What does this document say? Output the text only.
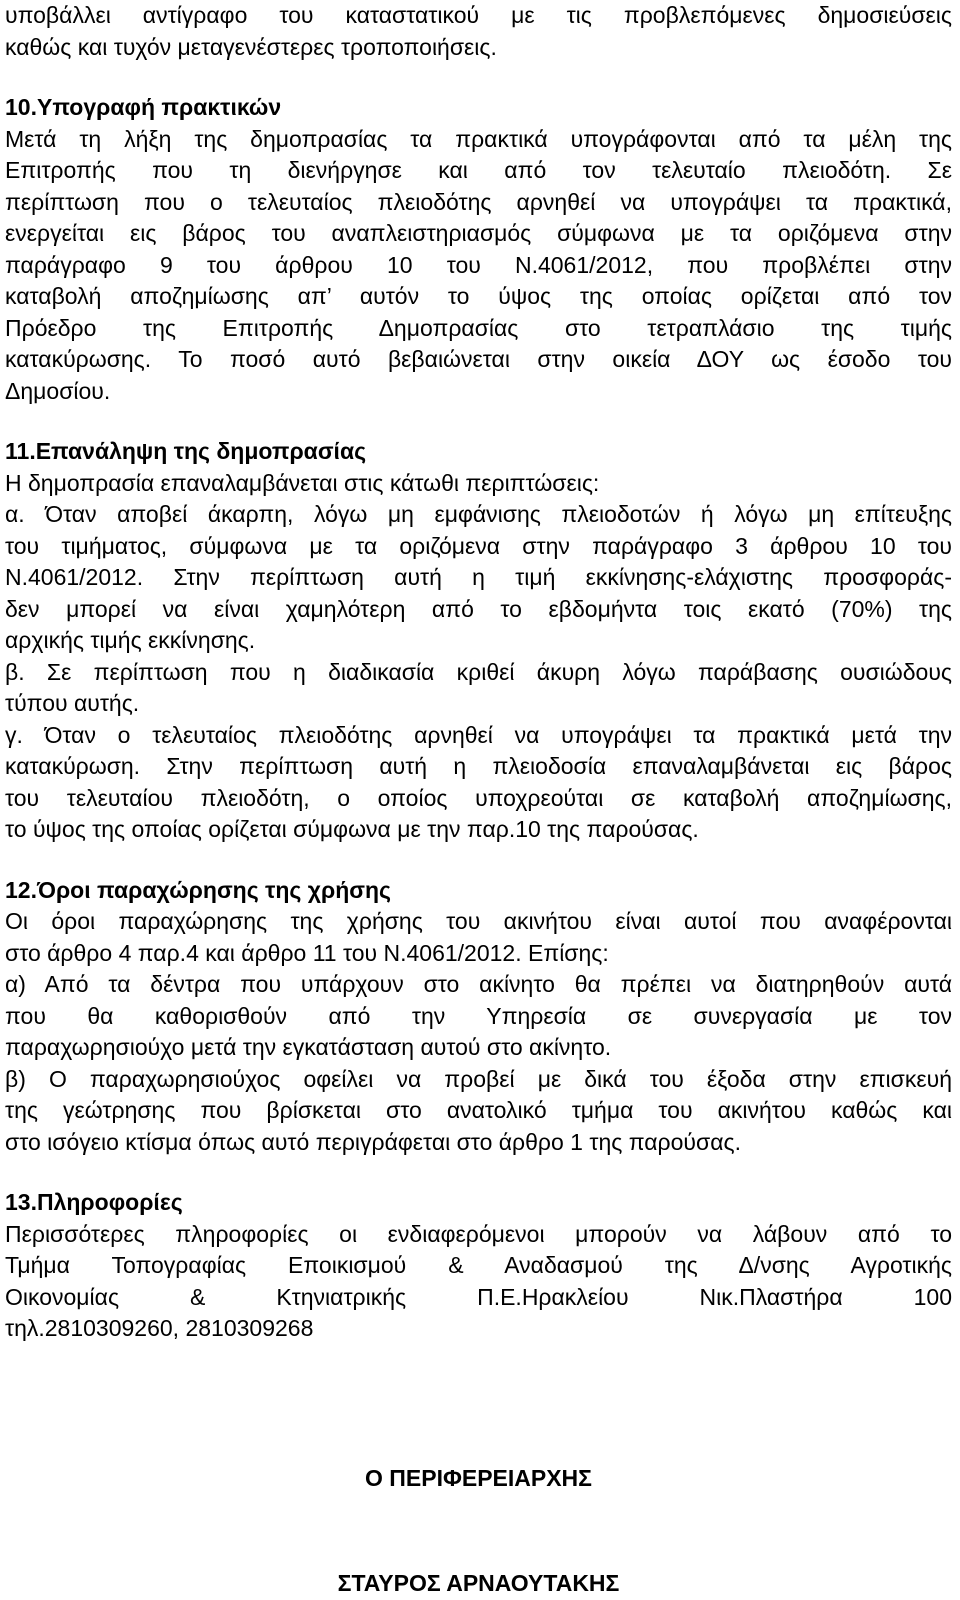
υποβάλλει αντίγραφο του καταστατικού με τις προβλεπόμενες δημοσιεύσεις
καθώς και τυχόν μεταγενέστερες τροποποιήσεις.
10.Υπογραφή πρακτικών
Μετά τη λήξη της δημοπρασίας τα πρακτικά υπογράφονται από τα μέλη της
Επιτροπής που τη διενήργησε και από τον τελευταίο πλειοδότη. Σε
περίπτωση που ο τελευταίος πλειοδότης αρνηθεί να υπογράψει τα πρακτικά,
ενεργείται εις βάρος του αναπλειστηριασμός σύμφωνα με τα οριζόμενα στην
παράγραφο 9 του άρθρου 10 του Ν.4061/2012, που προβλέπει στην
καταβολή αποζημίωσης απ’ αυτόν το ύψος της οποίας ορίζεται από τον
Πρόεδρο της Επιτροπής Δημοπρασίας στο τετραπλάσιο της τιμής
κατακύρωσης. Το ποσό αυτό βεβαιώνεται στην οικεία ΔΟΥ ως έσοδο του
Δημοσίου.
11.Επανάληψη της δημοπρασίας
Η δημοπρασία επαναλαμβάνεται στις κάτωθι περιπτώσεις:
α. Όταν αποβεί άκαρπη, λόγω μη εμφάνισης πλειοδοτών ή λόγω μη επίτευξης
του τιμήματος, σύμφωνα με τα οριζόμενα στην παράγραφο 3 άρθρου 10 του
Ν.4061/2012. Στην περίπτωση αυτή η τιμή εκκίνησης-ελάχιστης προσφοράς-
δεν μπορεί να είναι χαμηλότερη από το εβδομήντα τοις εκατό (70%) της
αρχικής τιμής εκκίνησης.
β. Σε περίπτωση που η διαδικασία κριθεί άκυρη λόγω παράβασης ουσιώδους
τύπου αυτής.
γ. Όταν ο τελευταίος πλειοδότης αρνηθεί να υπογράψει τα πρακτικά μετά την
κατακύρωση. Στην περίπτωση αυτή η πλειοδοσία επαναλαμβάνεται εις βάρος
του τελευταίου πλειοδότη, ο οποίος υποχρεούται σε καταβολή αποζημίωσης,
το ύψος της οποίας ορίζεται σύμφωνα με την παρ.10 της παρούσας.
12.Όροι παραχώρησης της χρήσης
Οι όροι παραχώρησης της χρήσης του ακινήτου είναι αυτοί που αναφέρονται
στο άρθρο 4 παρ.4 και άρθρο 11 του Ν.4061/2012. Επίσης:
α) Από τα δέντρα που υπάρχουν στο ακίνητο θα πρέπει να διατηρηθούν αυτά
που θα καθορισθούν από την Υπηρεσία σε συνεργασία με τον
παραχωρησιούχο μετά την εγκατάσταση αυτού στο ακίνητο.
β) Ο παραχωρησιούχος οφείλει να προβεί με δικά του έξοδα στην επισκευή
της γεώτρησης που βρίσκεται στο ανατολικό τμήμα του ακινήτου καθώς και
στο ισόγειο κτίσμα όπως αυτό περιγράφεται στο άρθρο 1 της παρούσας.
13.Πληροφορίες
Περισσότερες πληροφορίες οι ενδιαφερόμενοι μπορούν να λάβουν από το
Τμήμα Τοπογραφίας Εποικισμού & Αναδασμού της Δ/νσης Αγροτικής
Οικονομίας & Κτηνιατρικής Π.Ε.Ηρακλείου Νικ.Πλαστήρα 100
τηλ.2810309260, 2810309268
Ο ΠΕΡΙΦΕΡΕΙΑΡΧΗΣ
ΣΤΑΥΡΟΣ ΑΡΝΑΟΥΤΑΚΗΣ
